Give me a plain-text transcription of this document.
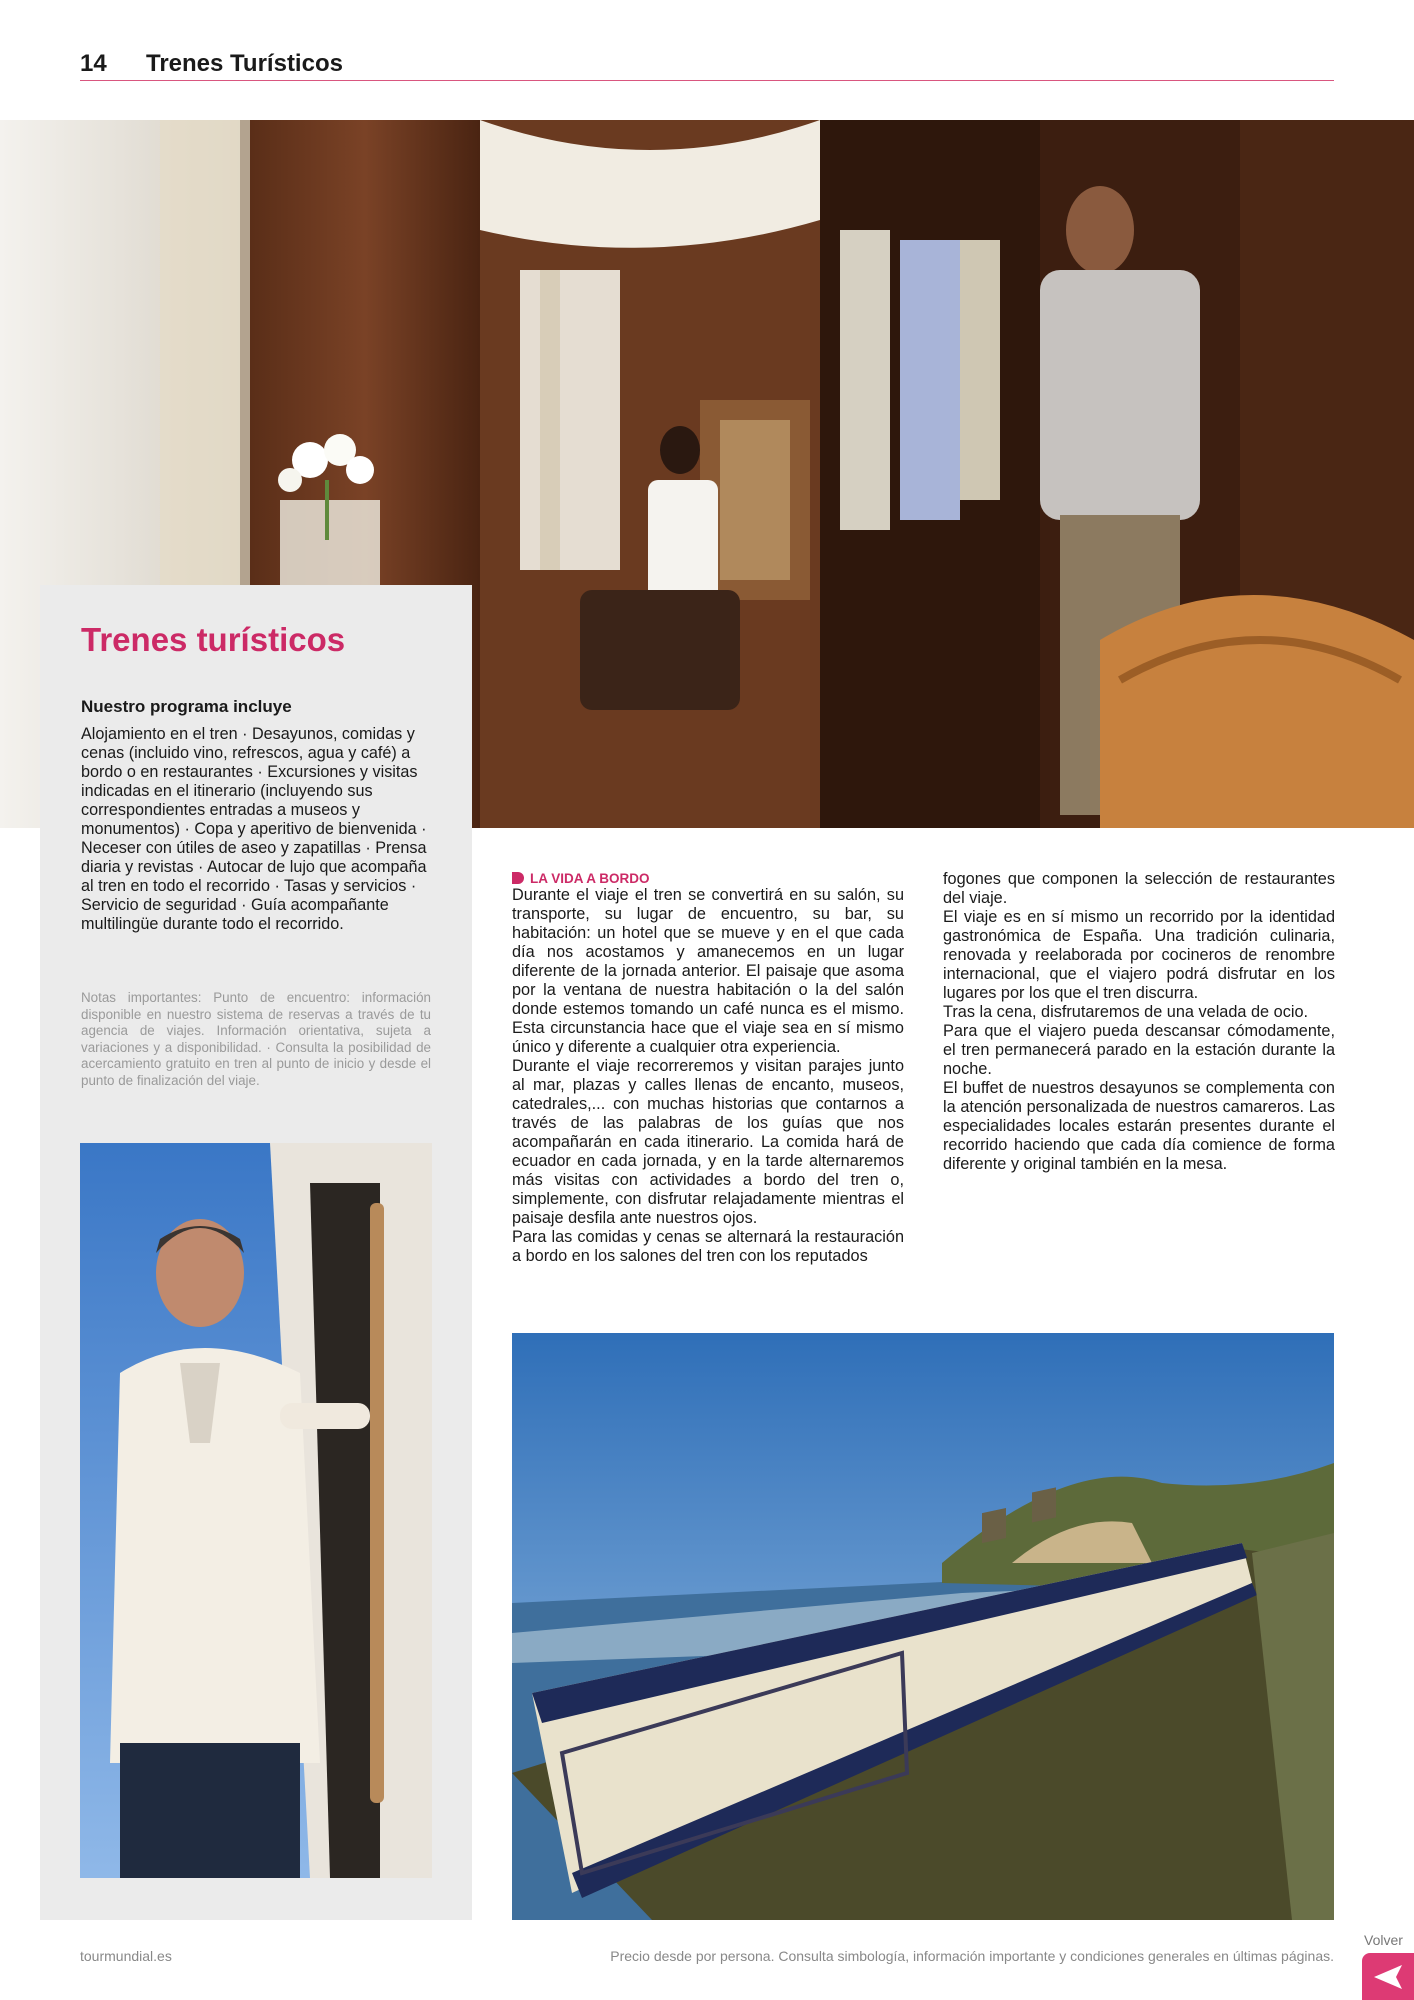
14 Trenes Turísticos
Trenes turísticos
Nuestro programa incluye

Alojamiento en el tren · Desayunos, comidas y cenas (incluido vino, refrescos, agua y café) a bordo o en restaurantes · Excursiones y visitas indicadas en el itinerario (incluyendo sus correspondientes entradas a museos y monumentos) · Copa y aperitivo de bienvenida · Neceser con útiles de aseo y zapatillas · Prensa diaria y revistas · Autocar de lujo que acompaña al tren en todo el recorrido · Tasas y servicios · Servicio de seguridad · Guía acompañante multilingüe durante todo el recorrido.

Notas importantes: Punto de encuentro: información disponible en nuestro sistema de reservas a través de tu agencia de viajes. Información orientativa, sujeta a variaciones y a disponibilidad. · Consulta la posibilidad de acercamiento gratuito en tren al punto de inicio y desde el punto de finalización del viaje.

LA VIDA A BORDO

Durante el viaje el tren se convertirá en su salón, su transporte, su lugar de encuentro, su bar, su habitación: un hotel que se mueve y en el que cada día nos acostamos y amanecemos en un lugar diferente de la jornada anterior. El paisaje que asoma por la ventana de nuestra habitación o la del salón donde estemos tomando un café nunca es el mismo. Esta circunstancia hace que el viaje sea en sí mismo único y diferente a cualquier otra experiencia.

Durante el viaje recorreremos y visitan parajes junto al mar, plazas y calles llenas de encanto, museos, catedrales,... con muchas historias que contarnos a través de las palabras de los guías que nos acompañarán en cada itinerario. La comida hará de ecuador en cada jornada, y en la tarde alternaremos más visitas con actividades a bordo del tren o, simplemente, con disfrutar relajadamente mientras el paisaje desfila ante nuestros ojos.

Para las comidas y cenas se alternará la restauración a bordo en los salones del tren con los reputados

fogones que componen la selección de restaurantes del viaje.

El viaje es en sí mismo un recorrido por la identidad gastronómica de España. Una tradición culinaria, renovada y reelaborada por cocineros de renombre internacional, que el viajero podrá disfrutar en los lugares por los que el tren discurra.

Tras la cena, disfrutaremos de una velada de ocio.

Para que el viajero pueda descansar cómodamente, el tren permanecerá parado en la estación durante la noche.

El buffet de nuestros desayunos se complementa con la atención personalizada de nuestros camareros. Las especialidades locales estarán presentes durante el recorrido haciendo que cada día comience de forma diferente y original también en la mesa.

tourmundial.es	Precio desde por persona. Consulta simbología, información importante y condiciones generales en últimas páginas.
Volver
